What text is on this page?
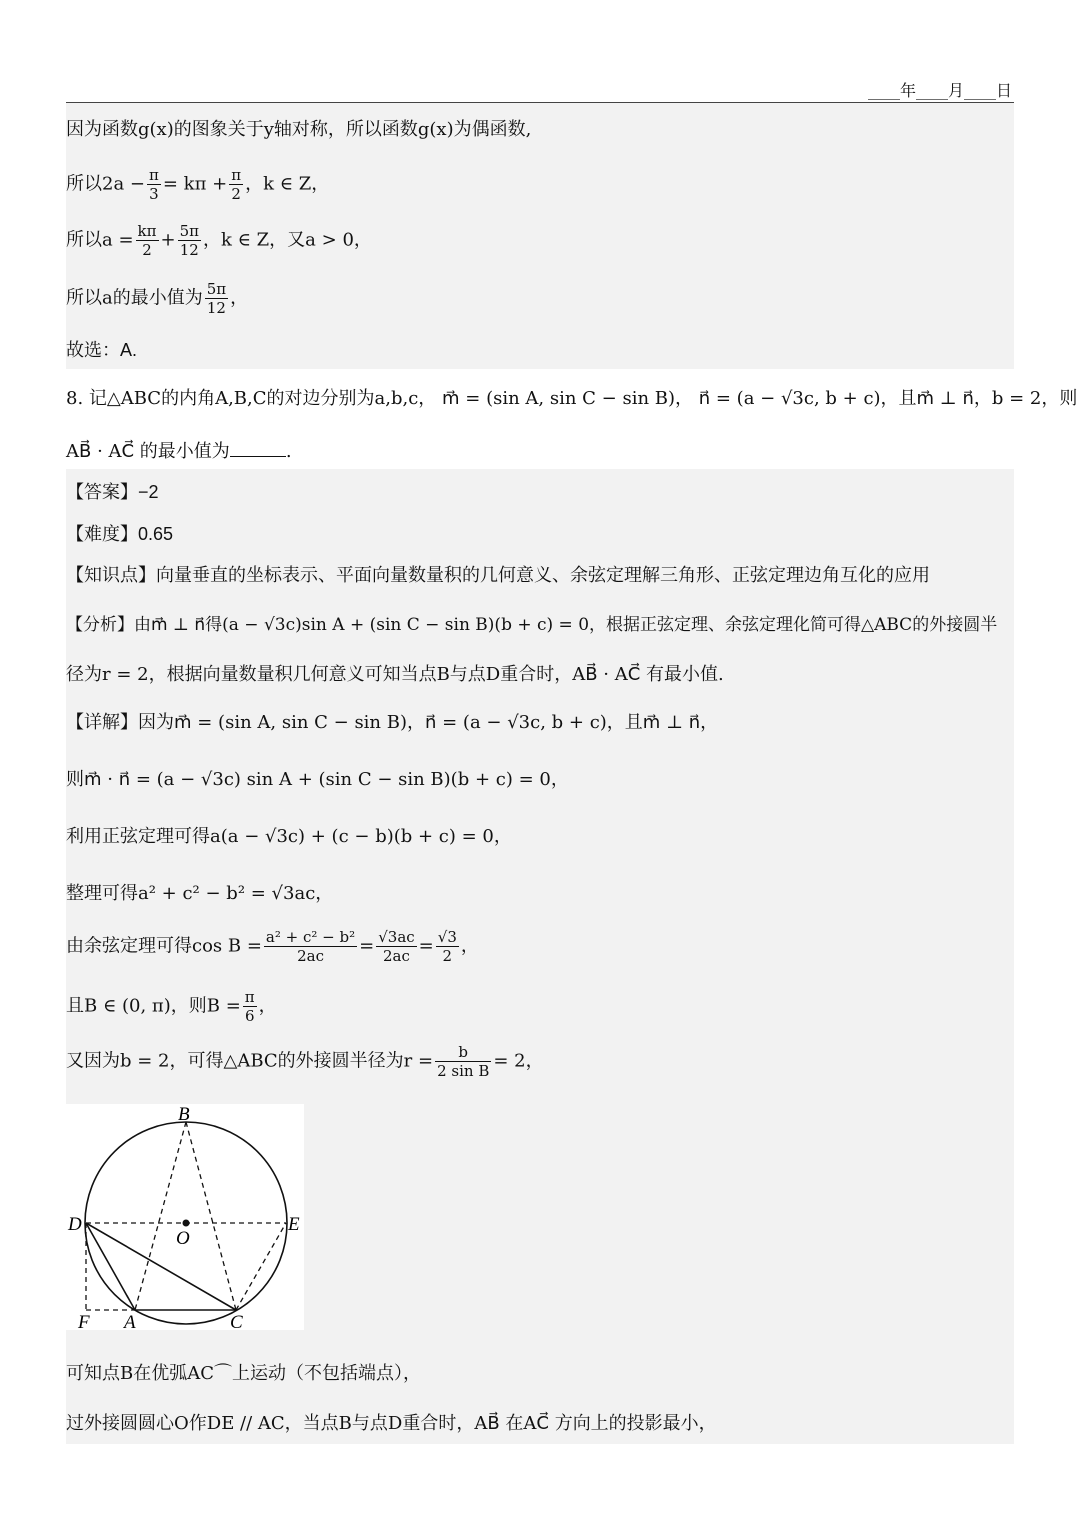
____年____月____日
因为函数g(x)的图象关于y轴对称，所以函数g(x)为偶函数,
所以$2a - \frac{\pi}{3} = k\pi + \frac{\pi}{2}$ ，k ∈ Z，
所以$a = \frac{k\pi}{2} + \frac{5\pi}{12}$ ，k ∈ Z，又a > 0，
所以a的最小值为 $\frac{5\pi}{12}$ ，
故选：A.
8. 记△ABC的内角A,B,C的对边分别为a,b,c， m⃗ = (sin A, sin C − sin B)， n⃗ = (a − √3c, b + c)，且m⃗ ⊥ n⃗，b = 2，则
AB⃗ · AC⃗ 的最小值为	.
【答案】−2
【难度】0.65
【知识点】向量垂直的坐标表示、平面向量数量积的几何意义、余弦定理解三角形、正弦定理边角互化的应用
【分析】由m⃗ ⊥ n⃗得(a − √3c)sin A + (sin C − sin B)(b + c) = 0，根据正弦定理、余弦定理化简可得△ABC的外接圆半
径为r = 2，根据向量数量积几何意义可知当点B与点D重合时，AB⃗ · AC⃗ 有最小值.
【详解】因为m⃗ = (sin A, sin C − sin B)，n⃗ = (a − √3c, b + c)，且m⃗ ⊥ n⃗，
则m⃗ · n⃗ = (a − √3c) sin A + (sin C − sin B)(b + c) = 0，
利用正弦定理可得a(a − √3c) + (c − b)(b + c) = 0，
整理可得a² + c² − b² = √3ac，
由余弦定理可得$\cos B = \frac{\text{a² + c² − b²}}{2ac} = \frac{√3ac}{2ac} = \frac{√3}{2}$ ，
且B ∈ (0, π)，则$B = \frac{\pi}{6}$ ，
又因为b = 2，可得△ABC的外接圆半径为$r = \frac{b}{\text{2 sin B}} = 2$，
B
D	E
O
F A	C
可知点B在优弧AC⌒上运动（不包括端点），
过外接圆圆心O作DE // AC，当点B与点D重合时，AB⃗ 在AC⃗ 方向上的投影最小，
